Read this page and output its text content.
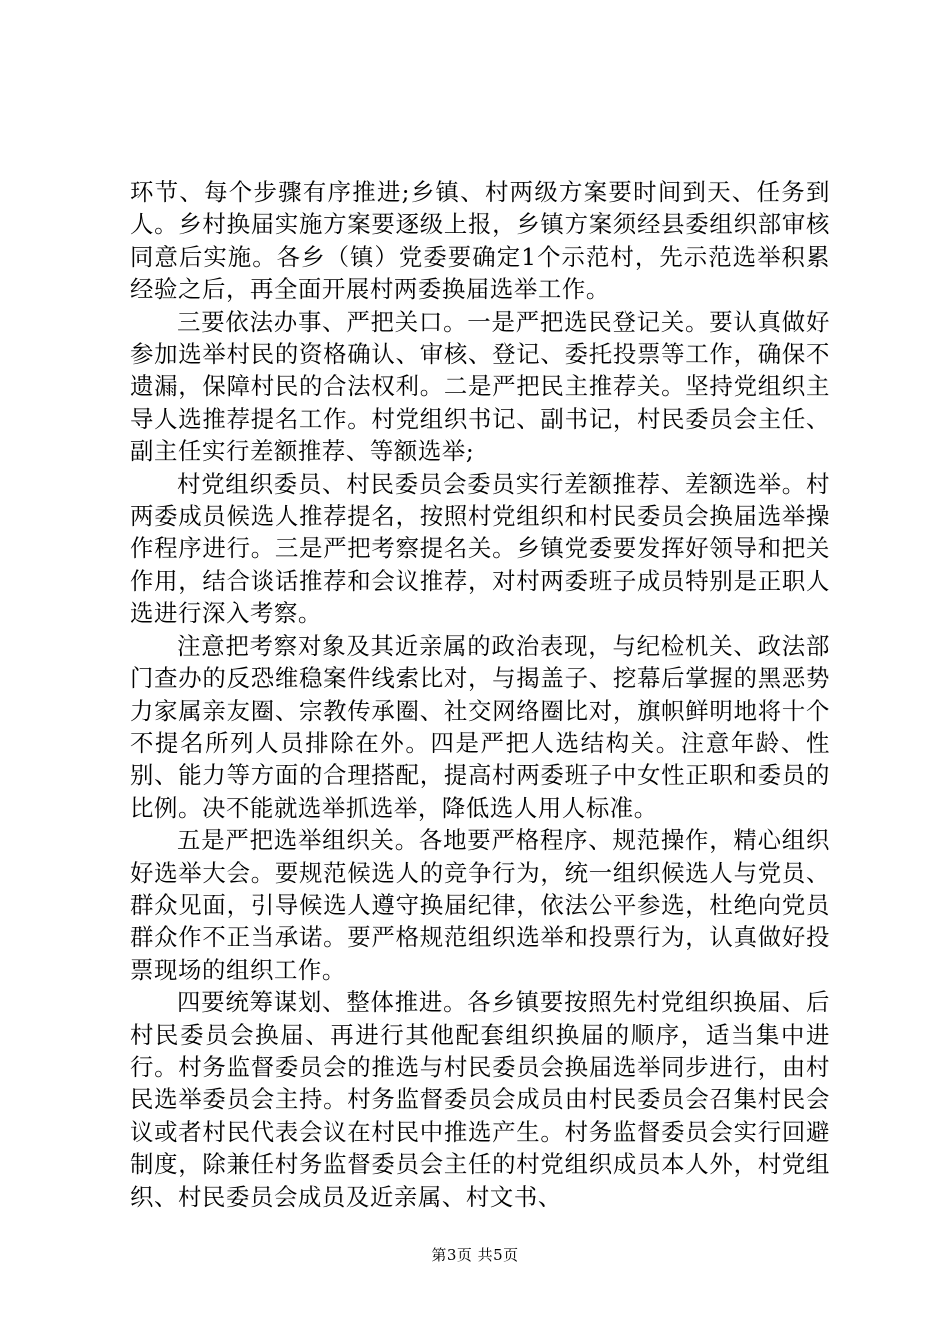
环节、每个步骤有序推进;乡镇、村两级方案要时间到天、任务到人。乡村换届实施方案要逐级上报，乡镇方案须经县委组织部审核同意后实施。各乡（镇）党委要确定1个示范村，先示范选举积累经验之后，再全面开展村两委换届选举工作。

三要依法办事、严把关口。一是严把选民登记关。要认真做好参加选举村民的资格确认、审核、登记、委托投票等工作，确保不遗漏，保障村民的合法权利。二是严把民主推荐关。坚持党组织主导人选推荐提名工作。村党组织书记、副书记，村民委员会主任、副主任实行差额推荐、等额选举;

村党组织委员、村民委员会委员实行差额推荐、差额选举。村两委成员候选人推荐提名，按照村党组织和村民委员会换届选举操作程序进行。三是严把考察提名关。乡镇党委要发挥好领导和把关作用，结合谈话推荐和会议推荐，对村两委班子成员特别是正职人选进行深入考察。

注意把考察对象及其近亲属的政治表现，与纪检机关、政法部门查办的反恐维稳案件线索比对，与揭盖子、挖幕后掌握的黑恶势力家属亲友圈、宗教传承圈、社交网络圈比对，旗帜鲜明地将十个不提名所列人员排除在外。四是严把人选结构关。注意年龄、性别、能力等方面的合理搭配，提高村两委班子中女性正职和委员的比例。决不能就选举抓选举，降低选人用人标准。

五是严把选举组织关。各地要严格程序、规范操作，精心组织好选举大会。要规范候选人的竞争行为，统一组织候选人与党员、群众见面，引导候选人遵守换届纪律，依法公平参选，杜绝向党员群众作不正当承诺。要严格规范组织选举和投票行为，认真做好投票现场的组织工作。

四要统筹谋划、整体推进。各乡镇要按照先村党组织换届、后村民委员会换届、再进行其他配套组织换届的顺序，适当集中进行。村务监督委员会的推选与村民委员会换届选举同步进行，由村民选举委员会主持。村务监督委员会成员由村民委员会召集村民会议或者村民代表会议在村民中推选产生。村务监督委员会实行回避制度，除兼任村务监督委员会主任的村党组织成员本人外，村党组织、村民委员会成员及近亲属、村文书、

第3页 共5页
